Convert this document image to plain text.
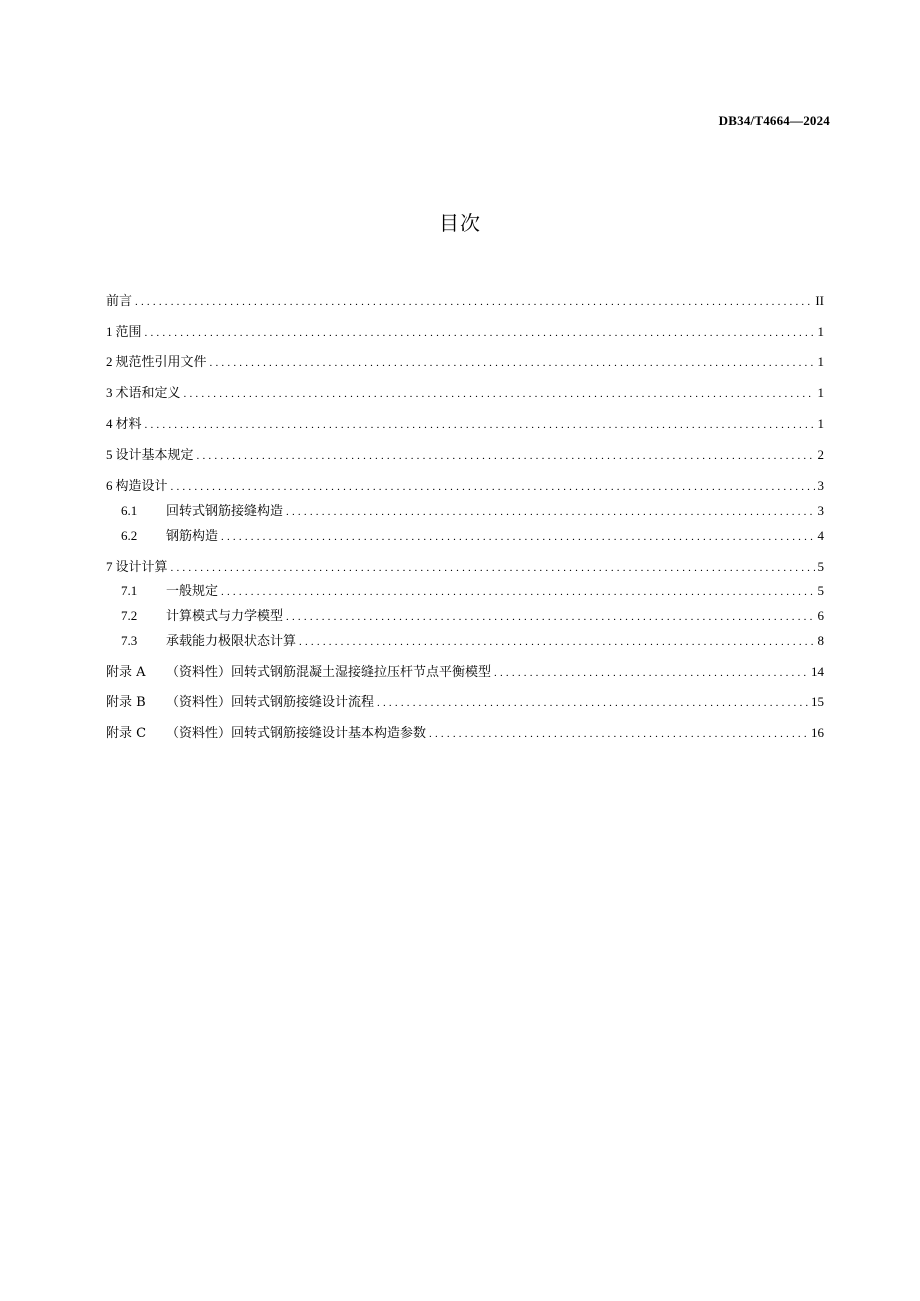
DB34/T4664—2024
目次
前言 .....	II
1 范围 .....	1
2 规范性引用文件 .....	1
3 术语和定义 .....	1
4 材料 .....	1
5 设计基本规定 .....	2
6 构造设计 .....	3
6.1	回转式钢筋接缝构造 .....	3
6.2	钢筋构造 .....	4
7 设计计算 .....	5
7.1	一般规定 .....	5
7.2	计算模式与力学模型 .....	6
7.3	承载能力极限状态计算 .....	8
附录 A	（资料性）回转式钢筋混凝土湿接缝拉压杆节点平衡模型 .....	14
附录 B	（资料性）回转式钢筋接缝设计流程 .....	15
附录 C	（资料性）回转式钢筋接缝设计基本构造参数 .....	16
